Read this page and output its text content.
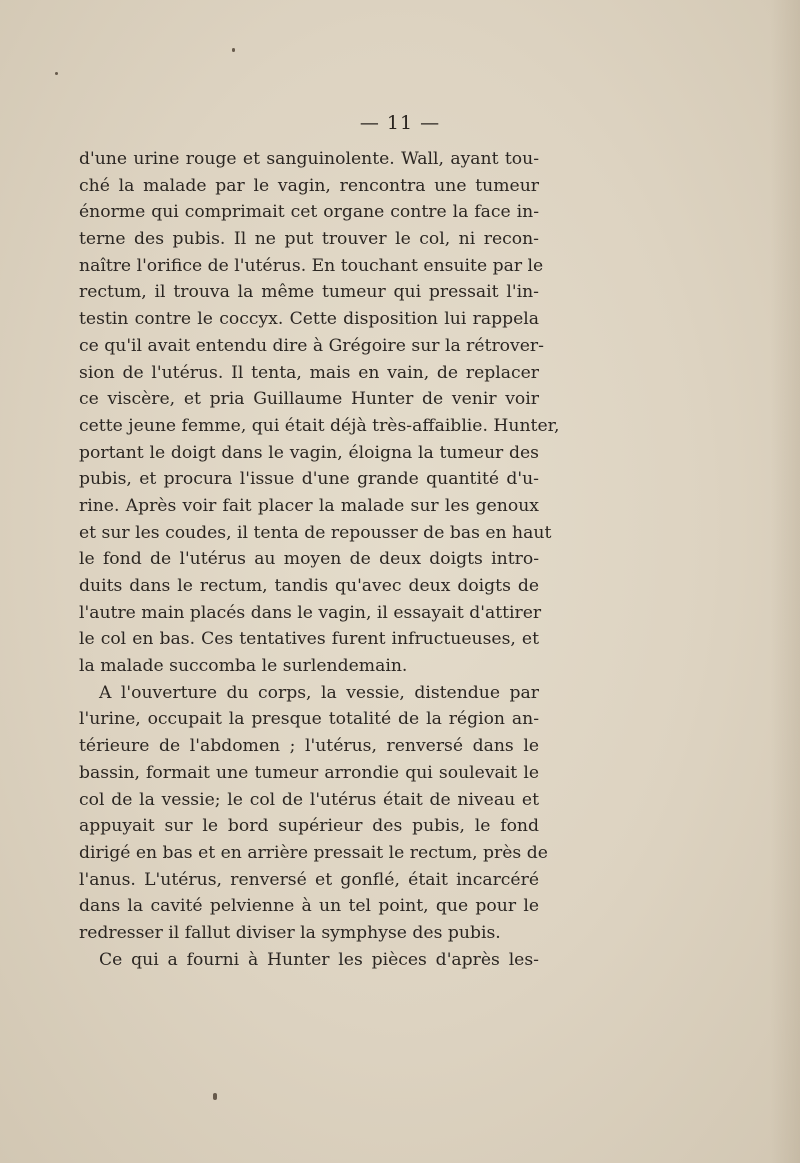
— 11 —
d'une urine rouge et sanguinolente. Wall, ayant tou-
ché la malade par le vagin, rencontra une tumeur
énorme qui comprimait cet organe contre la face in-
terne des pubis. Il ne put trouver le col, ni recon-
naître l'orifice de l'utérus. En touchant ensuite par le
rectum, il trouva la même tumeur qui pressait l'in-
testin contre le coccyx. Cette disposition lui rappela
ce qu'il avait entendu dire à Grégoire sur la rétrover-
sion de l'utérus. Il tenta, mais en vain, de replacer
ce viscère, et pria Guillaume Hunter de venir voir
cette jeune femme, qui était déjà très-affaiblie. Hunter,
portant le doigt dans le vagin, éloigna la tumeur des
pubis, et procura l'issue d'une grande quantité d'u-
rine. Après voir fait placer la malade sur les genoux
et sur les coudes, il tenta de repousser de bas en haut
le fond de l'utérus au moyen de deux doigts intro-
duits dans le rectum, tandis qu'avec deux doigts de
l'autre main placés dans le vagin, il essayait d'attirer
le col en bas. Ces tentatives furent infructueuses, et
la malade succomba le surlendemain.
A l'ouverture du corps, la vessie, distendue par
l'urine, occupait la presque totalité de la région an-
térieure de l'abdomen ; l'utérus, renversé dans le
bassin, formait une tumeur arrondie qui soulevait le
col de la vessie; le col de l'utérus était de niveau et
appuyait sur le bord supérieur des pubis, le fond
dirigé en bas et en arrière pressait le rectum, près de
l'anus. L'utérus, renversé et gonflé, était incarcéré
dans la cavité pelvienne à un tel point, que pour le
redresser il fallut diviser la symphyse des pubis.
Ce qui a fourni à Hunter les pièces d'après les-
